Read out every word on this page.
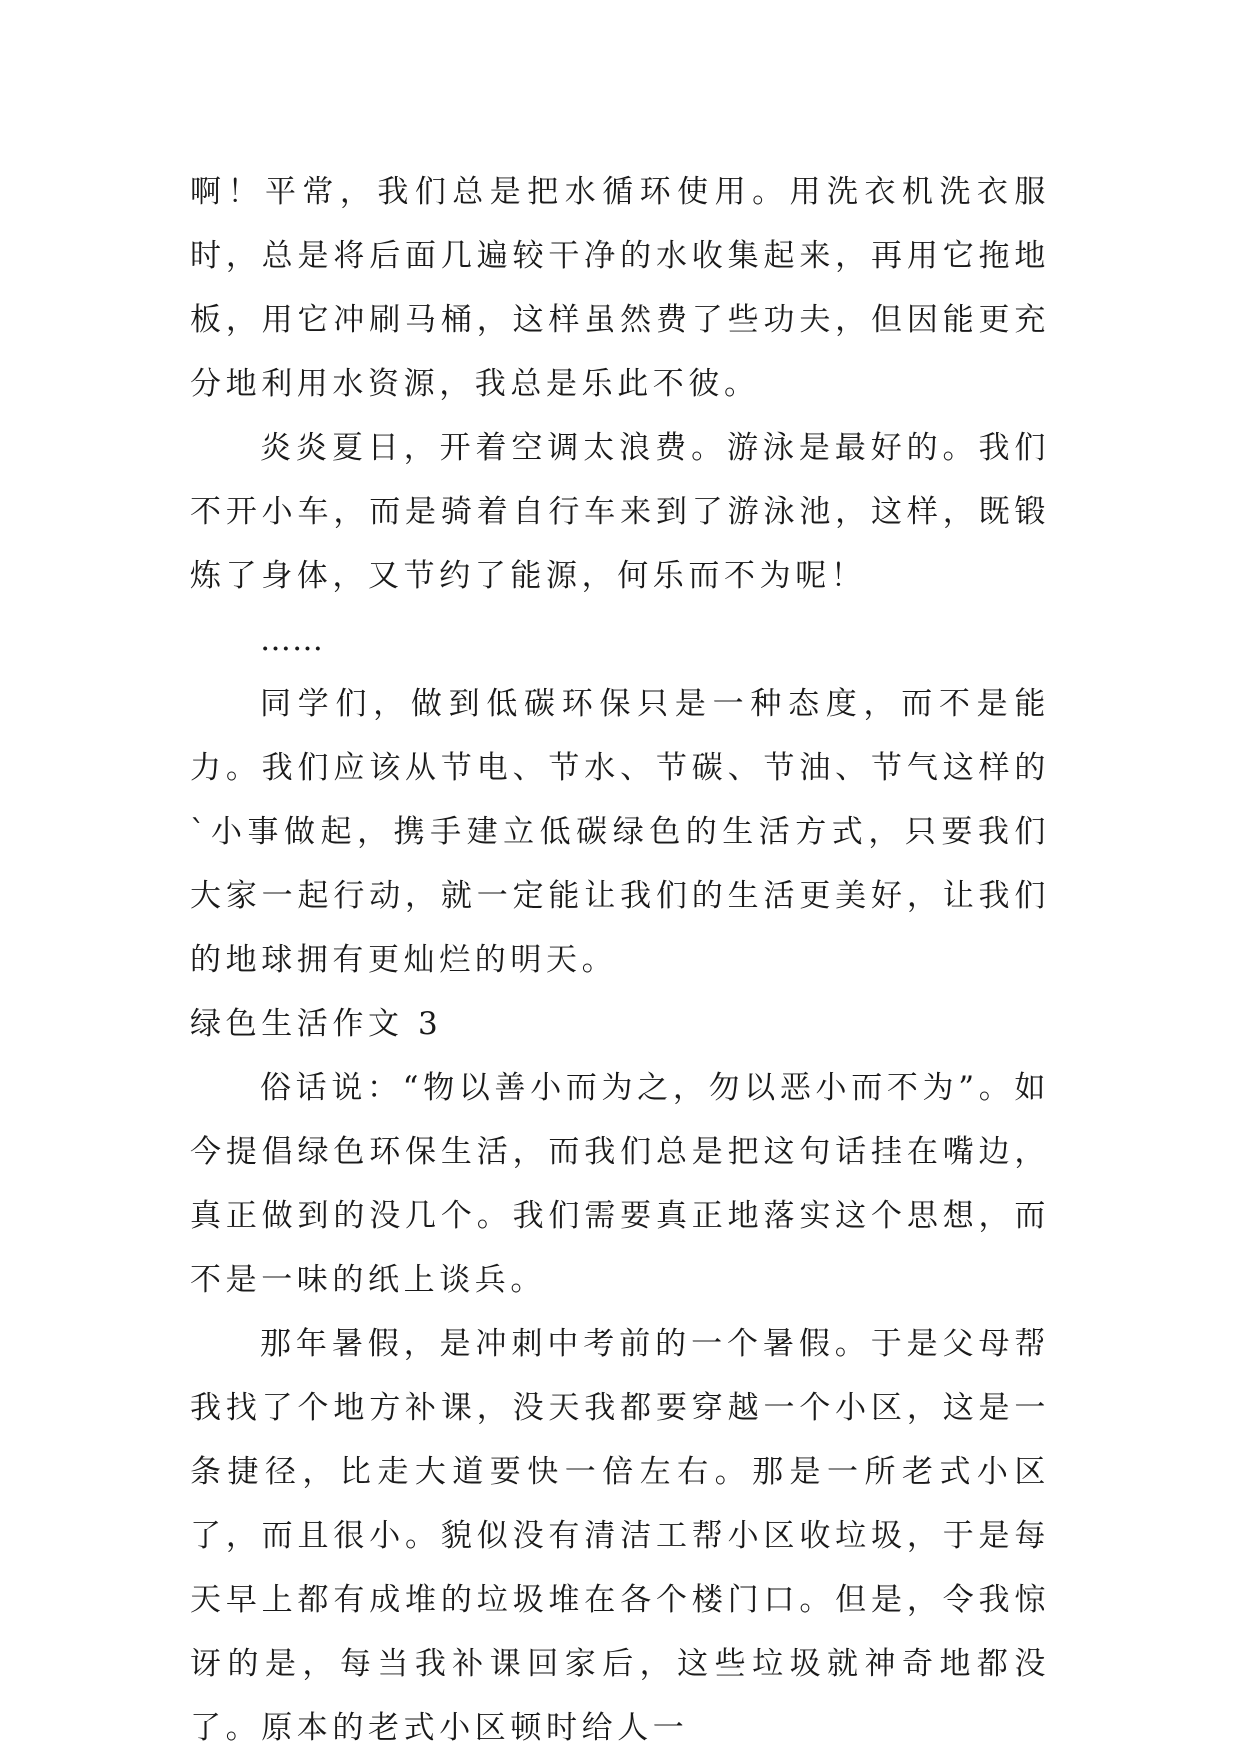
啊！平常，我们总是把水循环使用。用洗衣机洗衣服时，总是将后面几遍较干净的水收集起来，再用它拖地板，用它冲刷马桶，这样虽然费了些功夫，但因能更充分地利用水资源，我总是乐此不彼。

炎炎夏日，开着空调太浪费。游泳是最好的。我们不开小车，而是骑着自行车来到了游泳池，这样，既锻炼了身体，又节约了能源，何乐而不为呢！

……

同学们，做到低碳环保只是一种态度，而不是能力。我们应该从节电、节水、节碳、节油、节气这样的`小事做起，携手建立低碳绿色的生活方式，只要我们大家一起行动，就一定能让我们的生活更美好，让我们的地球拥有更灿烂的明天。

绿色生活作文 3

俗话说：“物以善小而为之，勿以恶小而不为”。如今提倡绿色环保生活，而我们总是把这句话挂在嘴边，真正做到的没几个。我们需要真正地落实这个思想，而不是一味的纸上谈兵。

那年暑假，是冲刺中考前的一个暑假。于是父母帮我找了个地方补课，没天我都要穿越一个小区，这是一条捷径，比走大道要快一倍左右。那是一所老式小区了，而且很小。貌似没有清洁工帮小区收垃圾，于是每天早上都有成堆的垃圾堆在各个楼门口。但是，令我惊讶的是，每当我补课回家后，这些垃圾就神奇地都没了。原本的老式小区顿时给人一
